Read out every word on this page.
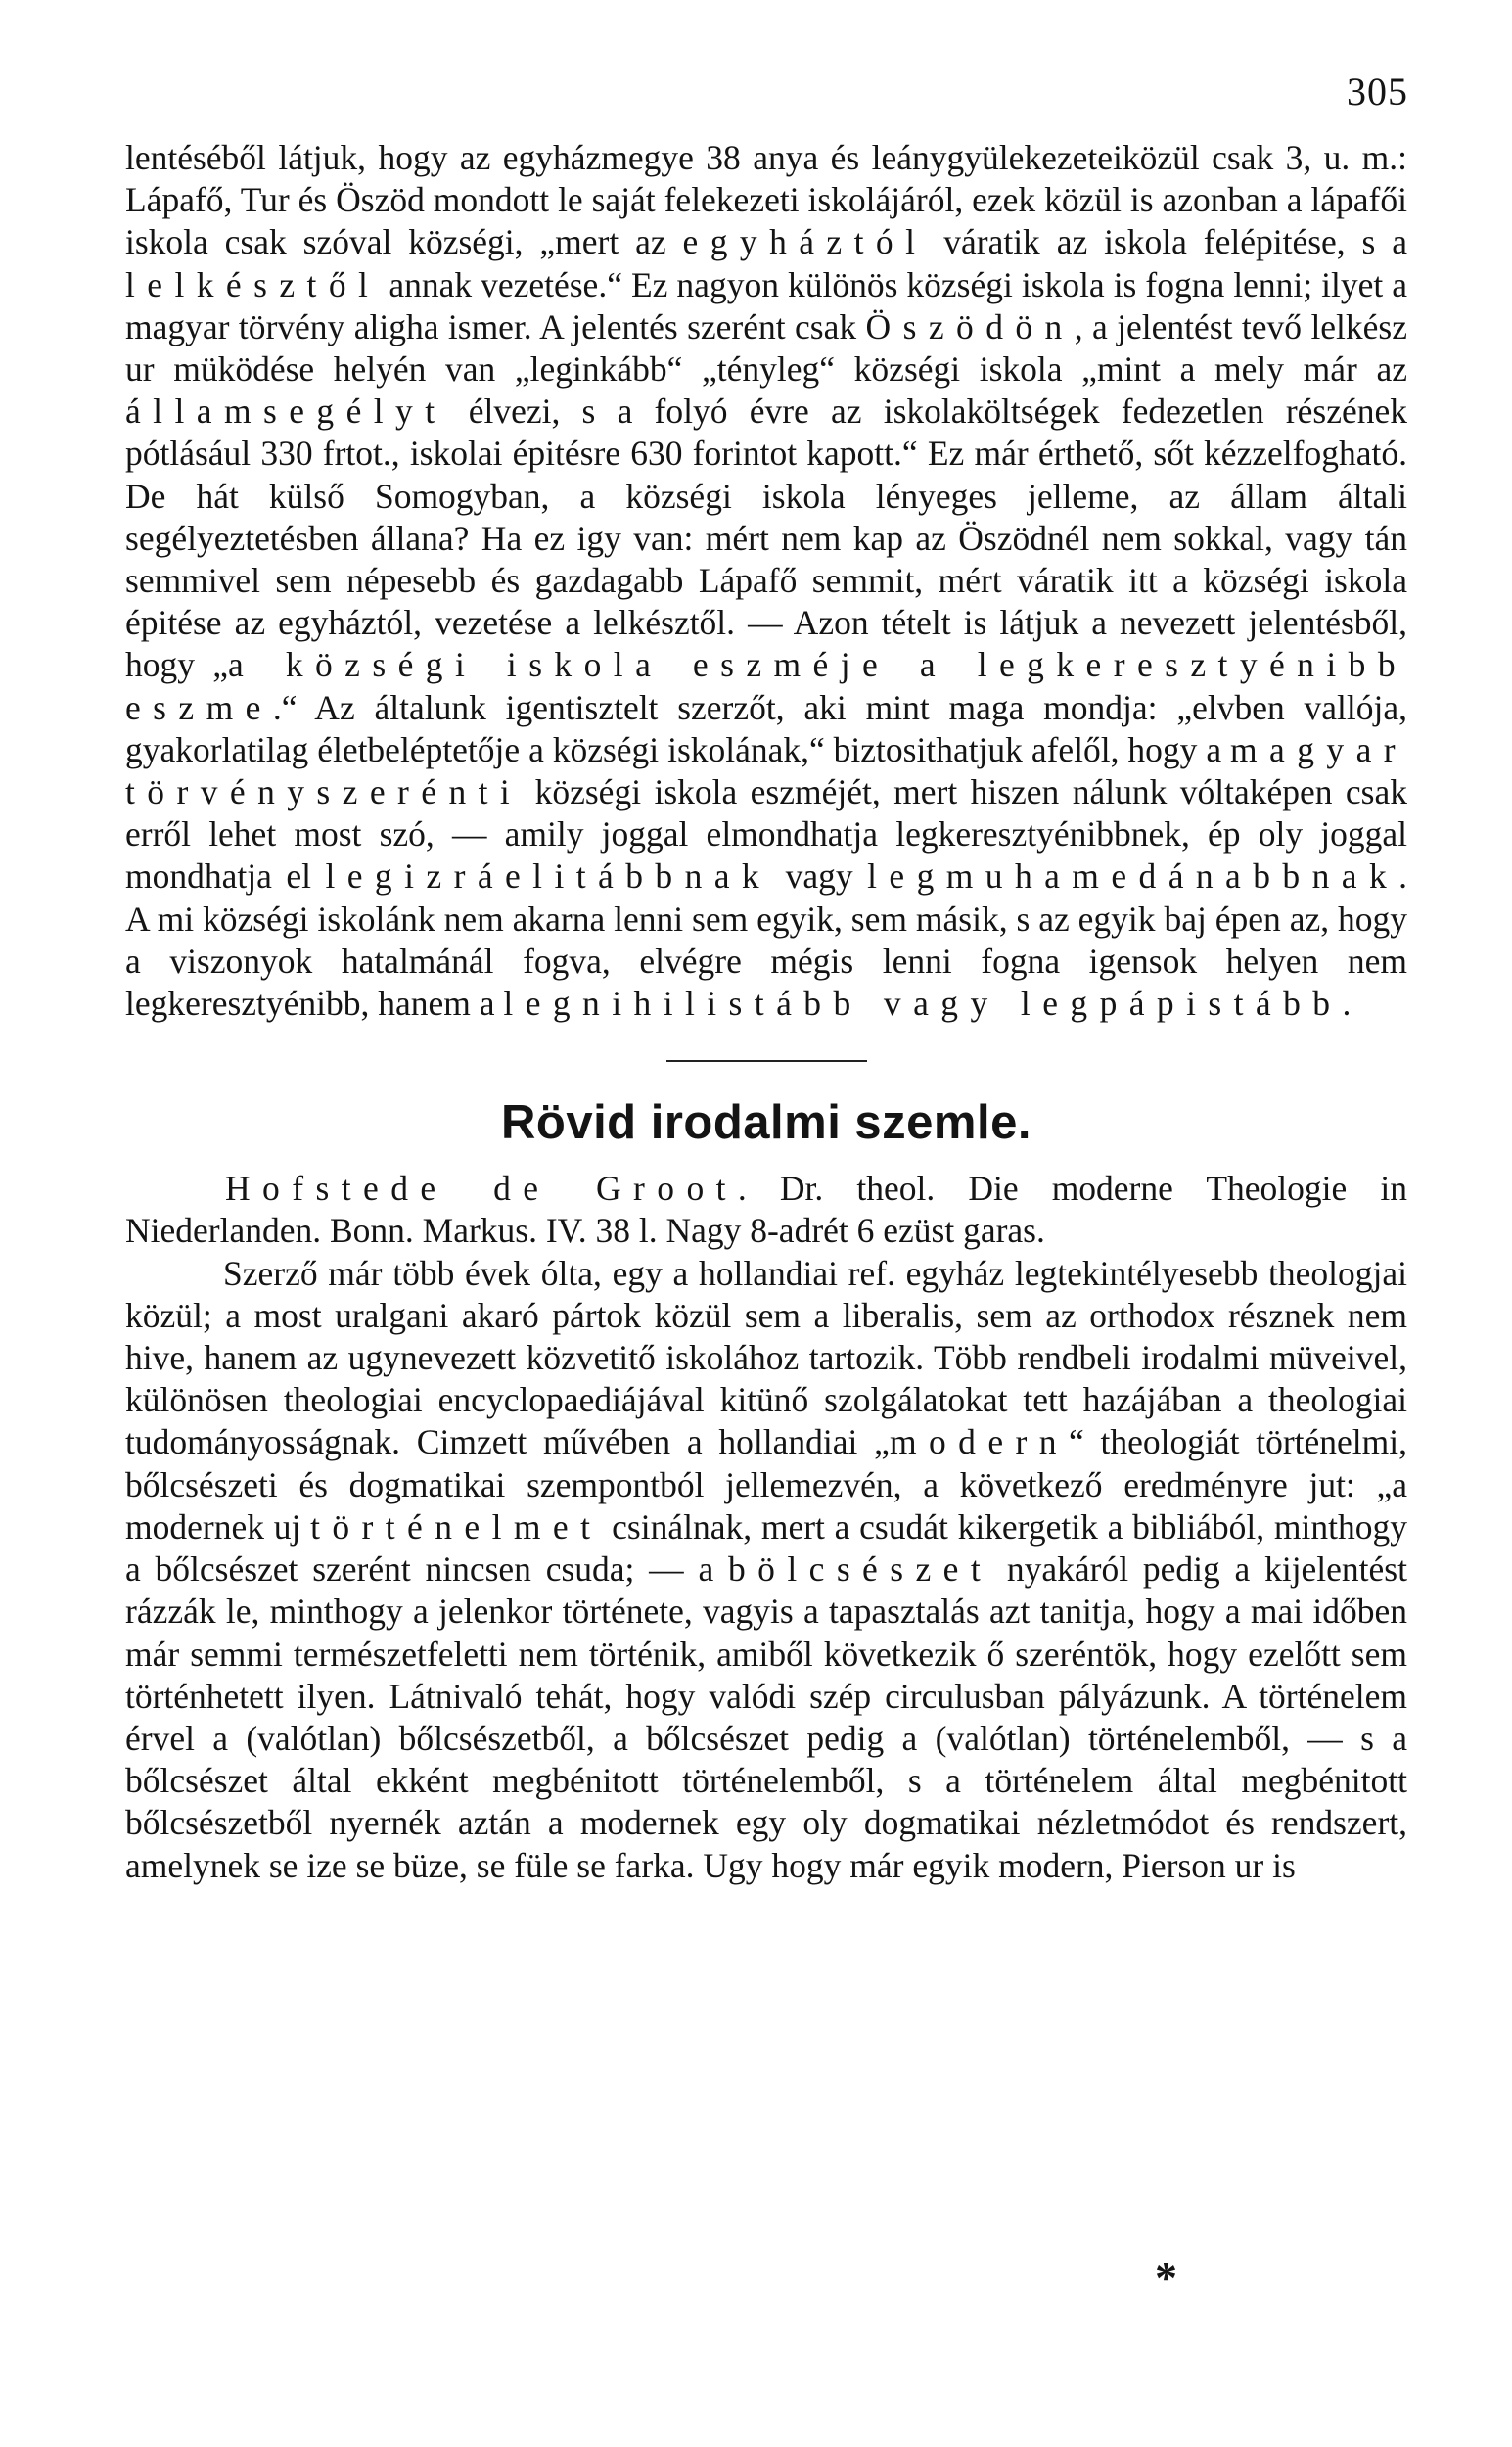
305

lentéséből látjuk, hogy az egyházmegye 38 anya és leánygyülekezeteiközül csak 3, u. m.: Lápafő, Tur és Öszöd mondott le saját felekezeti iskolájáról, ezek közül is azonban a lápafői iskola csak szóval községi, „mert az egyháztól váratik az iskola felépitése, s a lelkésztől annak vezetése.“ Ez nagyon különös községi iskola is fogna lenni; ilyet a magyar törvény aligha ismer. A jelentés szerént csak Öszödön, a jelentést tevő lelkész ur müködése helyén van „leginkább“ „tényleg“ községi iskola „mint a mely már az államsegélyt élvezi, s a folyó évre az iskolaköltségek fedezetlen részének pótlásául 330 frtot., iskolai épitésre 630 forintot kapott.“ Ez már érthető, sőt kézzelfogható. De hát külső Somogyban, a községi iskola lényeges jelleme, az állam általi segélyeztetésben állana? Ha ez igy van: mért nem kap az Öszödnél nem sokkal, vagy tán semmivel sem népesebb és gazdagabb Lápafő semmit, mért váratik itt a községi iskola épitése az egyháztól, vezetése a lelkésztől. — Azon tételt is látjuk a nevezett jelentésből, hogy „a községi iskola eszméje a legkeresztyénibb eszme.“ Az általunk igentisztelt szerzőt, aki mint maga mondja: „elvben vallója, gyakorlatilag életbeléptetője a községi iskolának,“ biztosithatjuk afelől, hogy a magyar törvényszerénti községi iskola eszméjét, mert hiszen nálunk vóltaképen csak erről lehet most szó, — amily joggal elmondhatja legkeresztyénibbnek, ép oly joggal mondhatja el legizráelitábbnak vagy legmuhamedánabbnak. A mi községi iskolánk nem akarna lenni sem egyik, sem másik, s az egyik baj épen az, hogy a viszonyok hatalmánál fogva, elvégre mégis lenni fogna igensok helyen nem legkeresztyénibb, hanem a legnihilistább vagy legpápistább.

Rövid irodalmi szemle.

Hofstede de Groot. Dr. theol. Die moderne Theologie in Niederlanden. Bonn. Markus. IV. 38 l. Nagy 8-adrét 6 ezüst garas.

Szerző már több évek ólta, egy a hollandiai ref. egyház legtekintélyesebb theologjai közül; a most uralgani akaró pártok közül sem a liberalis, sem az orthodox résznek nem hive, hanem az ugynevezett közvetitő iskolához tartozik. Több rendbeli irodalmi müveivel, különösen theologiai encyclopaediájával kitünő szolgálatokat tett hazájában a theologiai tudományosságnak. Cimzett művében a hollandiai „modern“ theologiát történelmi, bőlcsészeti és dogmatikai szempontból jellemezvén, a következő eredményre jut: „a modernek uj történelmet csinálnak, mert a csudát kikergetik a bibliából, minthogy a bőlcsészet szerént nincsen csuda; — a bölcsészet nyakáról pedig a kijelentést rázzák le, minthogy a jelenkor története, vagyis a tapasztalás azt tanitja, hogy a mai időben már semmi természetfeletti nem történik, amiből következik ő szeréntök, hogy ezelőtt sem történhetett ilyen. Látnivaló tehát, hogy valódi szép circulusban pályázunk. A történelem érvel a (valótlan) bőlcsészetből, a bőlcsészet pedig a (valótlan) történelemből, — s a bőlcsészet által ekként megbénitott történelemből, s a történelem által megbénitott bőlcsészetből nyernék aztán a modernek egy oly dogmatikai nézletmódot és rendszert, amelynek se ize se büze, se füle se farka. Ugy hogy már egyik modern, Pierson ur is

*
